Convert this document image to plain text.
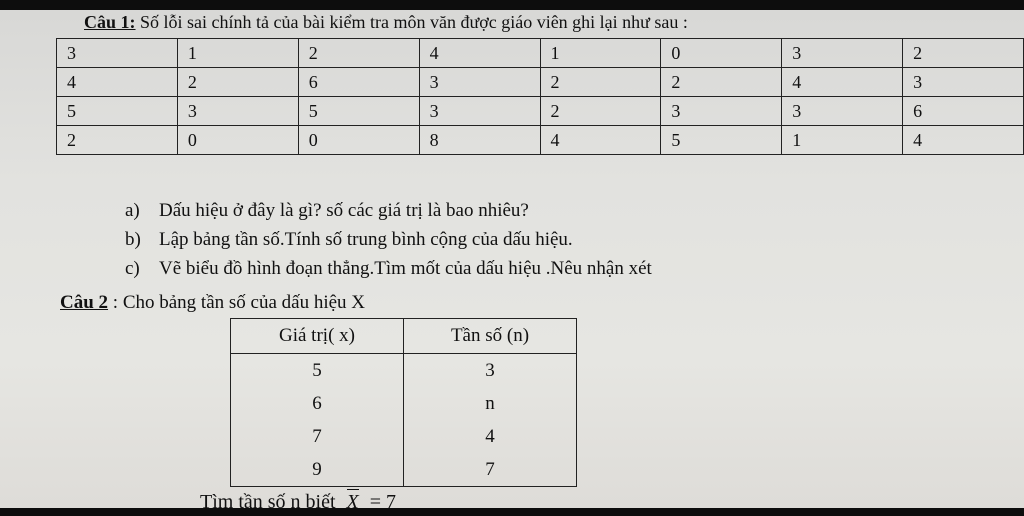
Câu 1: Số lỗi sai chính tả của bài kiểm tra môn văn được giáo viên ghi lại như sau :
3	1	2	4	1	0	3	2
4	2	6	3	2	2	4	3
5	3	5	3	2	3	3	6
2	0	0	8	4	5	1	4
a) Dấu hiệu ở đây là gì? số các giá trị là bao nhiêu?
b) Lập bảng tần số.Tính số trung bình cộng của dấu hiệu.
c) Vẽ biểu đồ hình đoạn thẳng.Tìm mốt của dấu hiệu .Nêu nhận xét
Câu 2 : Cho bảng tần số của dấu hiệu X
Giá trị( x)	Tần số (n)
5	3
6	n
7	4
9	7
Tìm tần số n biết X = 7
